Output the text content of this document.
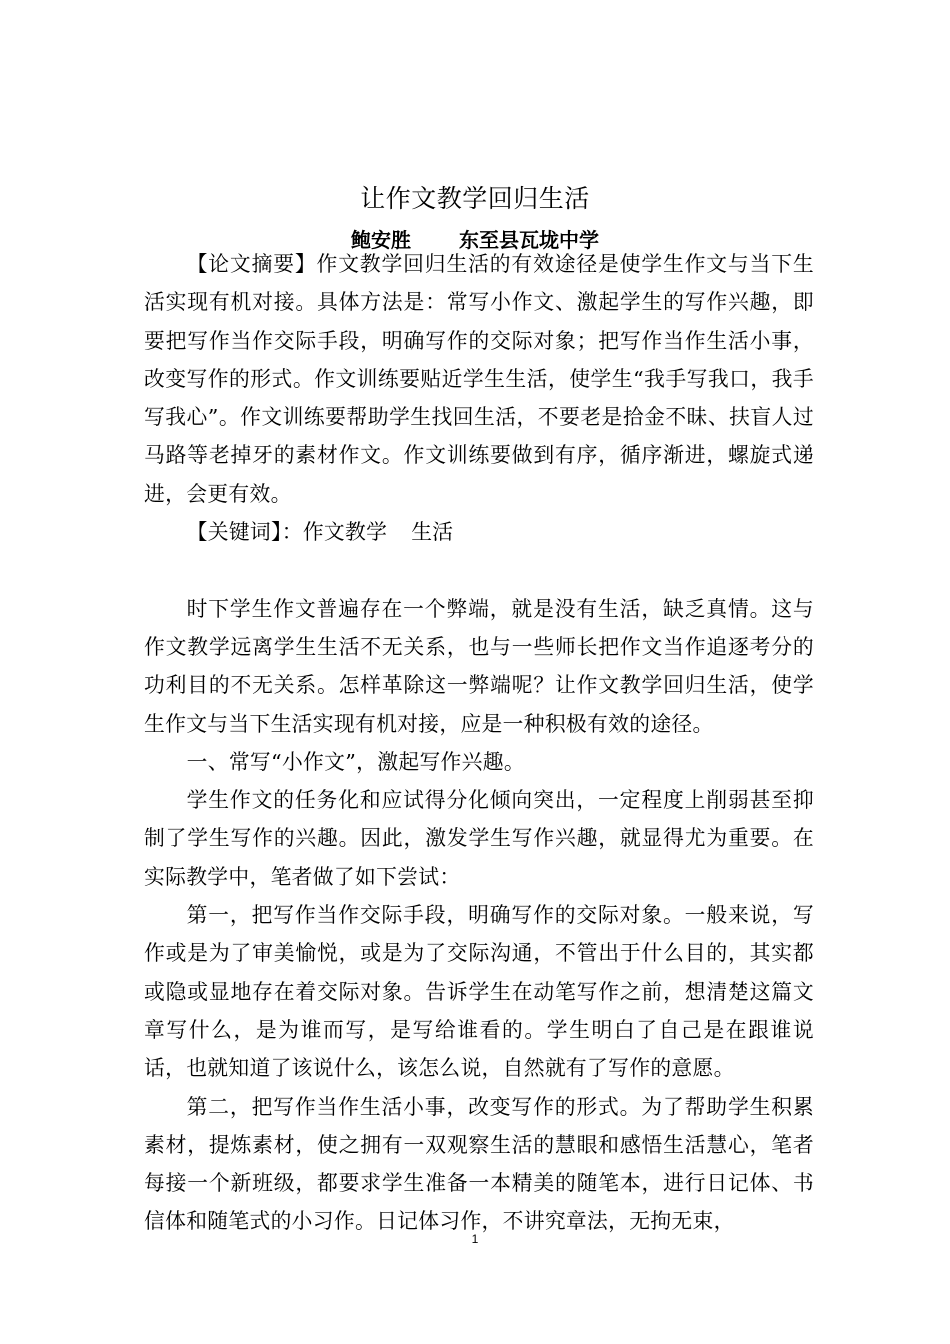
让作文教学回归生活
鲍安胜 东至县瓦垅中学

【论文摘要】作文教学回归生活的有效途径是使学生作文与当下生活实现有机对接。具体方法是：常写小作文、激起学生的写作兴趣，即要把写作当作交际手段，明确写作的交际对象；把写作当作生活小事，改变写作的形式。作文训练要贴近学生生活，使学生“我手写我口，我手写我心”。作文训练要帮助学生找回生活，不要老是拾金不昧、扶盲人过马路等老掉牙的素材作文。作文训练要做到有序，循序渐进，螺旋式递进，会更有效。

【关键词】：作文教学 生活

时下学生作文普遍存在一个弊端，就是没有生活，缺乏真情。这与作文教学远离学生生活不无关系，也与一些师长把作文当作追逐考分的功利目的不无关系。怎样革除这一弊端呢？让作文教学回归生活，使学生作文与当下生活实现有机对接，应是一种积极有效的途径。

一、常写“小作文”，激起写作兴趣。

学生作文的任务化和应试得分化倾向突出，一定程度上削弱甚至抑制了学生写作的兴趣。因此，激发学生写作兴趣，就显得尤为重要。在实际教学中，笔者做了如下尝试：

第一，把写作当作交际手段，明确写作的交际对象。一般来说，写作或是为了审美愉悦，或是为了交际沟通，不管出于什么目的，其实都或隐或显地存在着交际对象。告诉学生在动笔写作之前，想清楚这篇文章写什么，是为谁而写，是写给谁看的。学生明白了自己是在跟谁说话，也就知道了该说什么，该怎么说，自然就有了写作的意愿。

第二，把写作当作生活小事，改变写作的形式。为了帮助学生积累素材，提炼素材，使之拥有一双观察生活的慧眼和感悟生活慧心，笔者每接一个新班级，都要求学生准备一本精美的随笔本，进行日记体、书信体和随笔式的小习作。日记体习作，不讲究章法，无拘无束，

1
